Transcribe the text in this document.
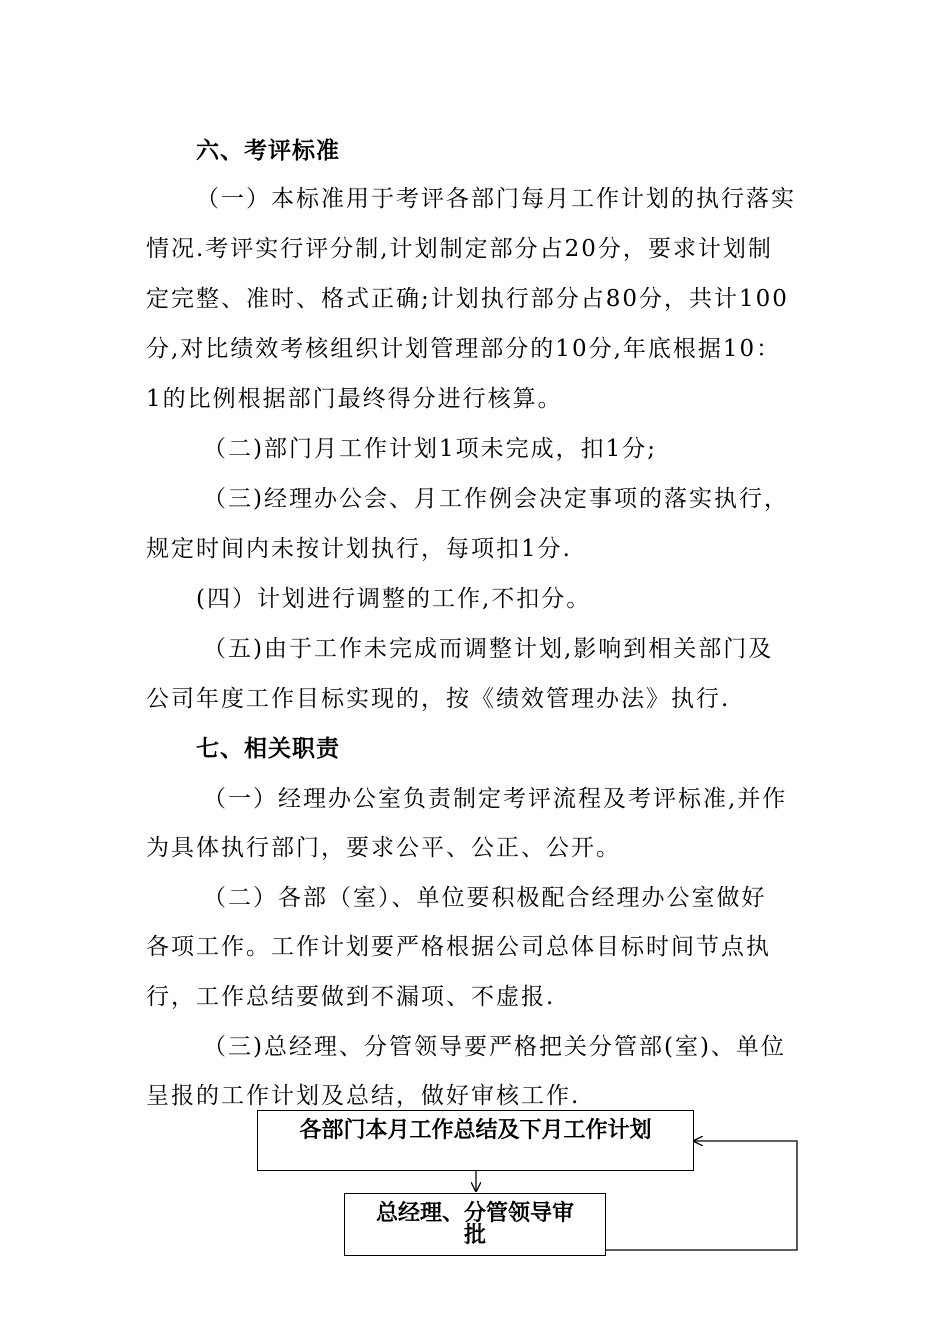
六、考评标准
（一）本标准用于考评各部门每月工作计划的执行落实
情况.考评实行评分制,计划制定部分占20分，要求计划制
定完整、准时、格式正确;计划执行部分占80分，共计100
分,对比绩效考核组织计划管理部分的10分,年底根据10：
1的比例根据部门最终得分进行核算。
（二)部门月工作计划1项未完成，扣1分;
（三)经理办公会、月工作例会决定事项的落实执行，
规定时间内未按计划执行，每项扣1分.
(四）计划进行调整的工作,不扣分。
（五)由于工作未完成而调整计划,影响到相关部门及
公司年度工作目标实现的，按《绩效管理办法》执行.
七、相关职责
（一）经理办公室负责制定考评流程及考评标准,并作
为具体执行部门，要求公平、公正、公开。
（二）各部（室）、单位要积极配合经理办公室做好
各项工作。工作计划要严格根据公司总体目标时间节点执
行，工作总结要做到不漏项、不虚报.
（三)总经理、分管领导要严格把关分管部(室)、单位
呈报的工作计划及总结，做好审核工作.
各部门本月工作总结及下月工作计划
总经理、分管领导审
批
